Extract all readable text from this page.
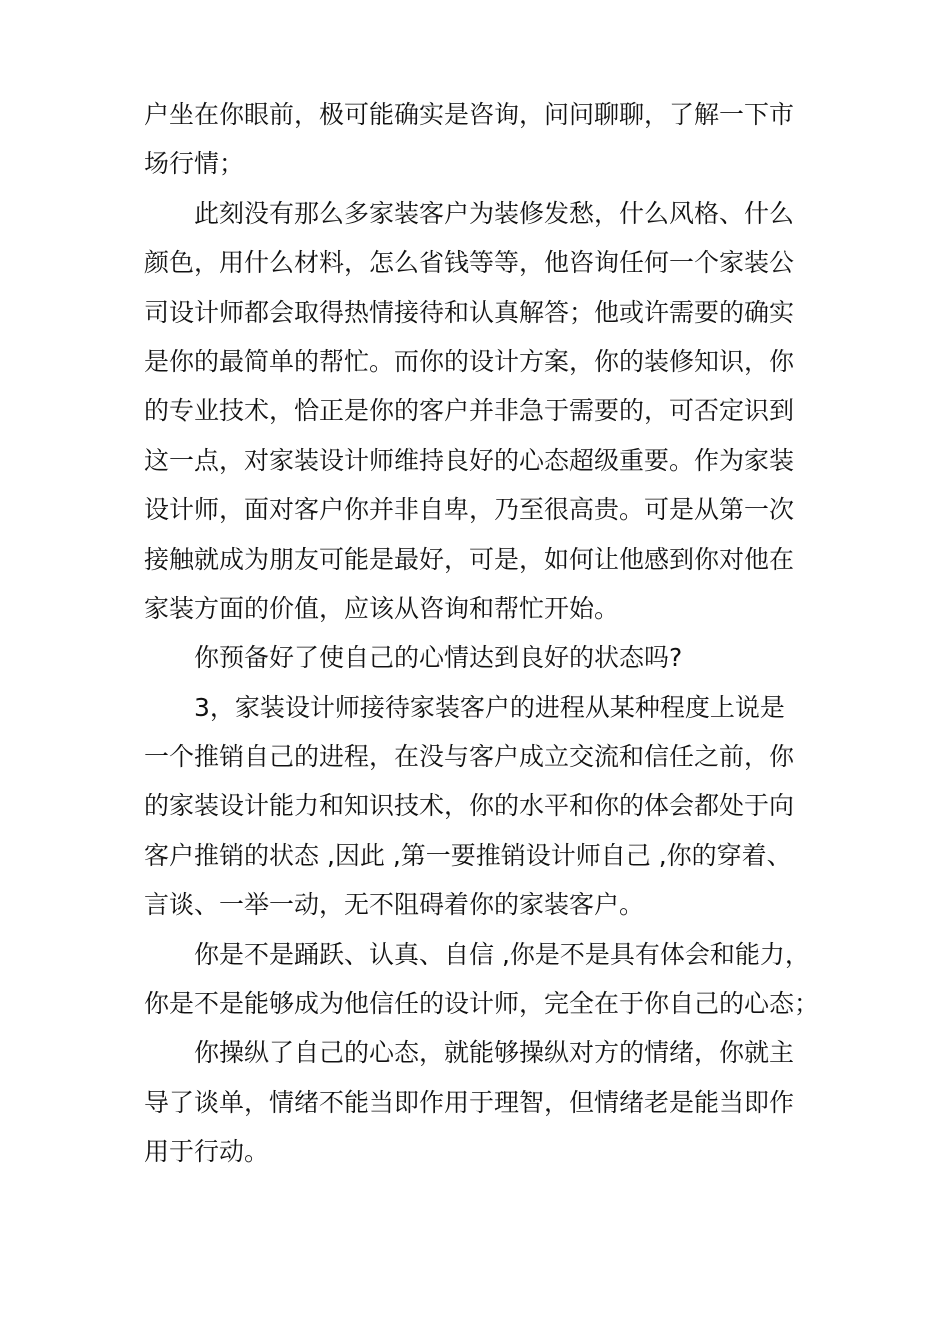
户坐在你眼前，极可能确实是咨询，问问聊聊，了解一下市
场行情；
此刻没有那么多家装客户为装修发愁，什么风格、什么
颜色，用什么材料，怎么省钱等等，他咨询任何一个家装公
司设计师都会取得热情接待和认真解答；他或许需要的确实
是你的最简单的帮忙。而你的设计方案，你的装修知识，你
的专业技术，恰正是你的客户并非急于需要的，可否定识到
这一点，对家装设计师维持良好的心态超级重要。作为家装
设计师，面对客户你并非自卑，乃至很高贵。可是从第一次
接触就成为朋友可能是最好，可是，如何让他感到你对他在
家装方面的价值，应该从咨询和帮忙开始。
你预备好了使自己的心情达到良好的状态吗?
3，家装设计师接待家装客户的进程从某种程度上说是
一个推销自己的进程，在没与客户成立交流和信任之前，你
的家装设计能力和知识技术，你的水平和你的体会都处于向
客户推销的状态 ,因此 ,第一要推销设计师自己 ,你的穿着、
言谈、一举一动，无不阻碍着你的家装客户。
你是不是踊跃、认真、自信 ,你是不是具有体会和能力，
你是不是能够成为他信任的设计师，完全在于你自己的心态；
你操纵了自己的心态，就能够操纵对方的情绪，你就主
导了谈单，情绪不能当即作用于理智，但情绪老是能当即作
用于行动。
